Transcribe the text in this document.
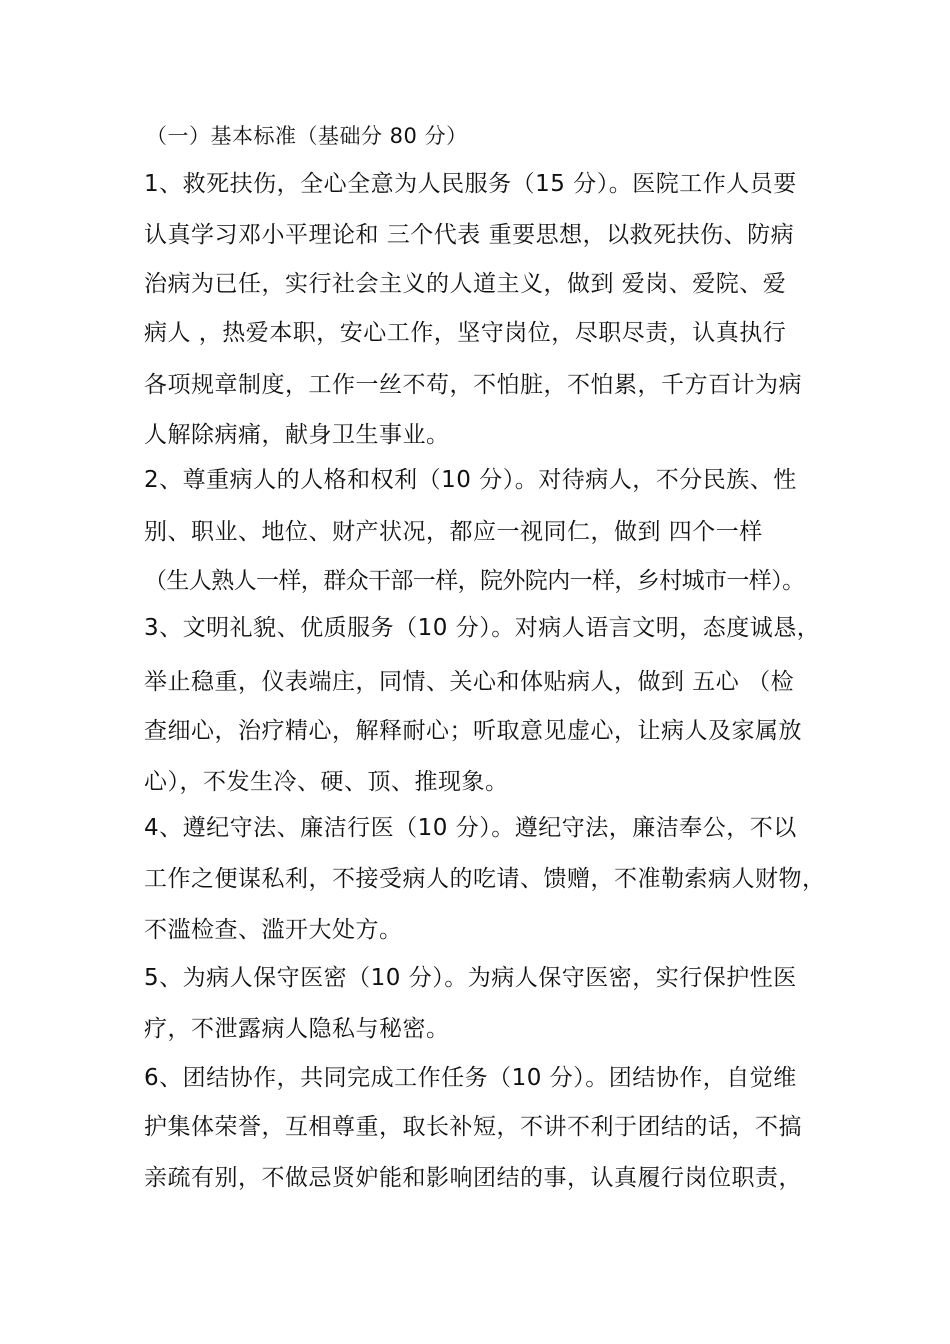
（一）基本标准（基础分 80 分）
1、救死扶伤，全心全意为人民服务（15 分）。医院工作人员要
认真学习邓小平理论和 三个代表 重要思想，以救死扶伤、防病
治病为已任，实行社会主义的人道主义，做到 爱岗、爱院、爱
病人 ，热爱本职，安心工作，坚守岗位，尽职尽责，认真执行
各项规章制度，工作一丝不苟，不怕脏，不怕累，千方百计为病
人解除病痛，献身卫生事业。
2、尊重病人的人格和权利（10 分）。对待病人，不分民族、性
别、职业、地位、财产状况，都应一视同仁，做到 四个一样
（生人熟人一样，群众干部一样，院外院内一样，乡村城市一样）。
3、文明礼貌、优质服务（10 分）。对病人语言文明，态度诚恳，
举止稳重，仪表端庄，同情、关心和体贴病人，做到 五心 （检
查细心，治疗精心，解释耐心；听取意见虚心，让病人及家属放
心），不发生冷、硬、顶、推现象。
4、遵纪守法、廉洁行医（10 分）。遵纪守法，廉洁奉公，不以
工作之便谋私利，不接受病人的吃请、馈赠，不准勒索病人财物，
不滥检查、滥开大处方。
5、为病人保守医密（10 分）。为病人保守医密，实行保护性医
疗，不泄露病人隐私与秘密。
6、团结协作，共同完成工作任务（10 分）。团结协作，自觉维
护集体荣誉，互相尊重，取长补短，不讲不利于团结的话，不搞
亲疏有别，不做忌贤妒能和影响团结的事，认真履行岗位职责，
